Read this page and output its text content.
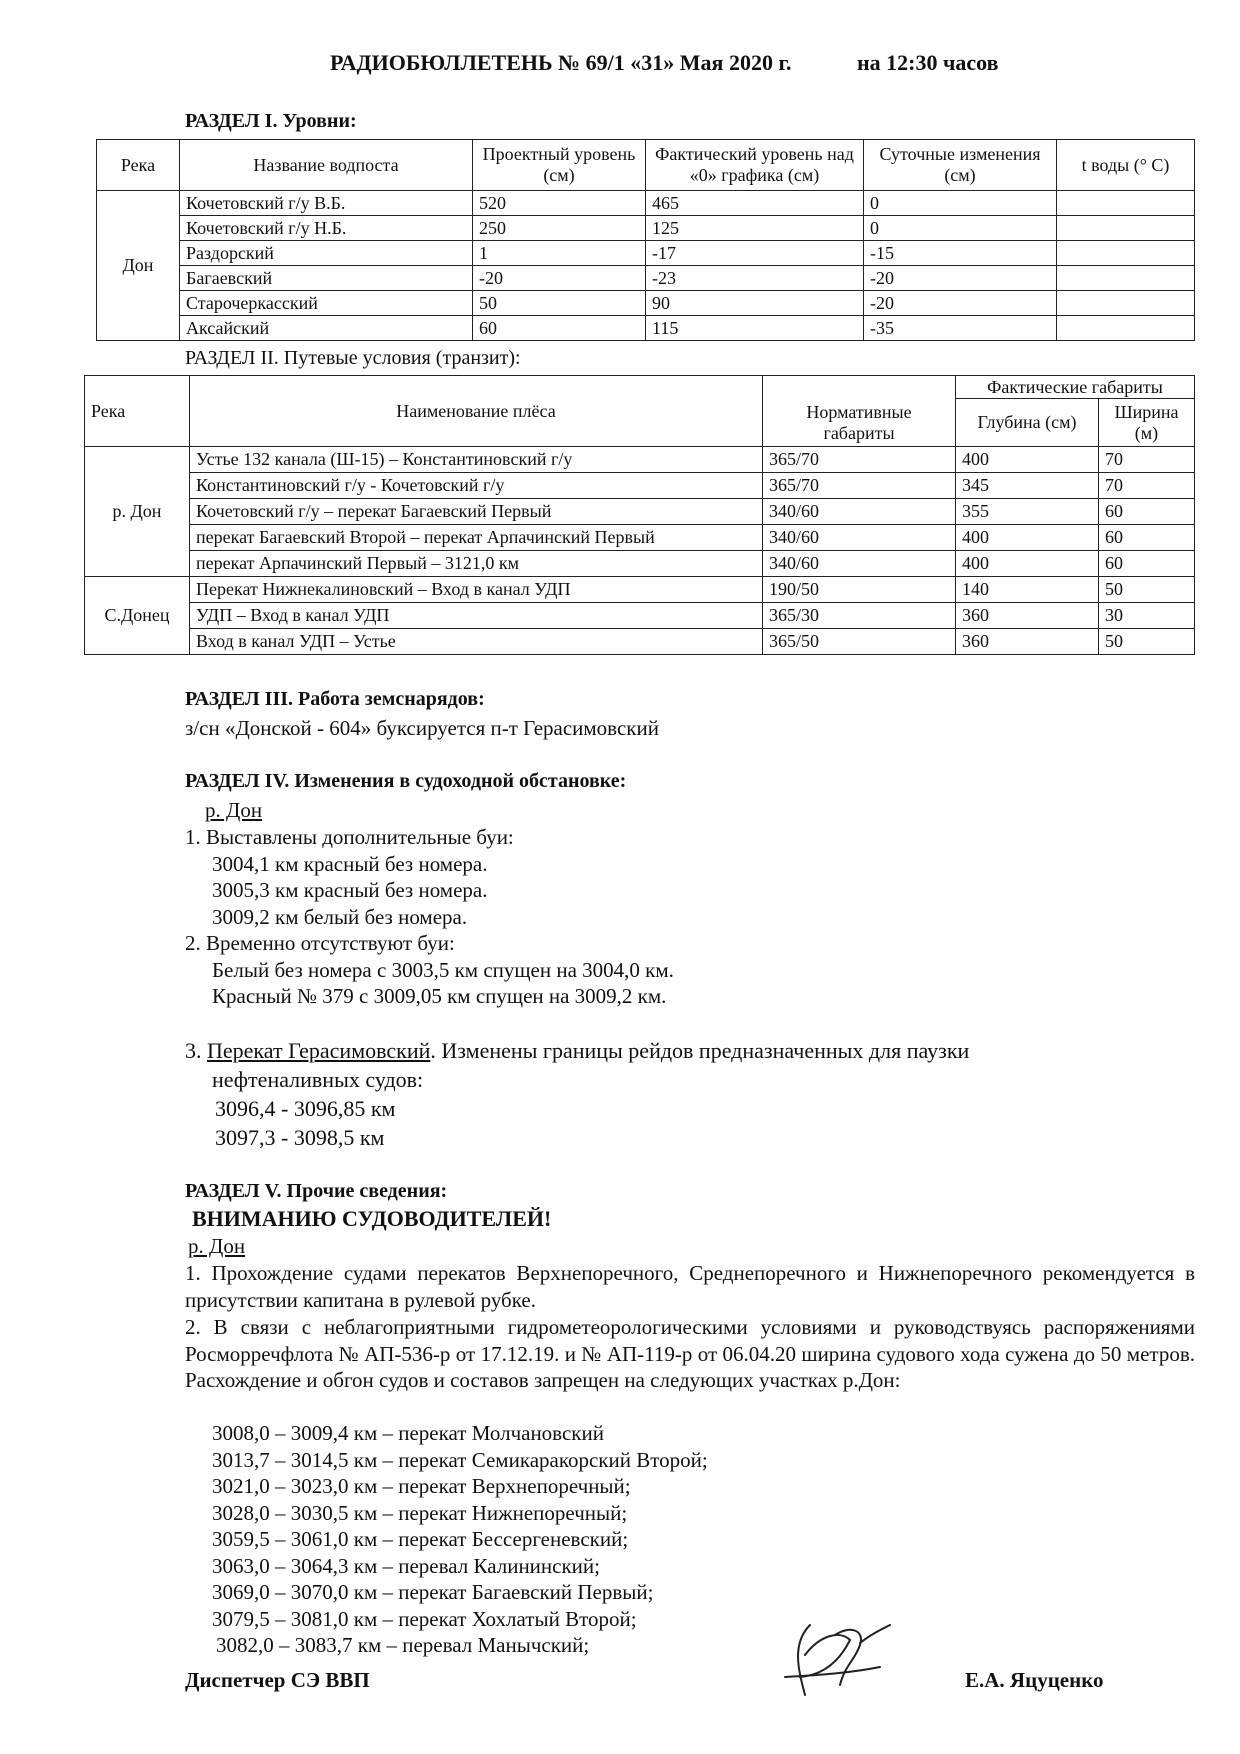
РАДИОБЮЛЛЕТЕНЬ № 69/1 «31» Мая 2020 г.	на 12:30 часов
РАЗДЕЛ I. Уровни:
Река	Название водпоста	Проектный уровень (см)	Фактический уровень над «0» графика (см)	Суточные изменения (см)	t воды (° С)
Дон	Кочетовский г/у В.Б.	520	465	0	
	Кочетовский г/у Н.Б.	250	125	0	
	Раздорский	1	-17	-15	
	Багаевский	-20	-23	-20	
	Старочеркасский	50	90	-20	
	Аксайский	60	115	-35	
РАЗДЕЛ II. Путевые условия (транзит):
Река	Наименование плёса	Нормативные габариты	Фактические габариты	
			Глубина (см)	Ширина (м)
р. Дон	Устье 132 канала (Ш-15) – Константиновский г/у	365/70	400	70
	Константиновский г/у - Кочетовский г/у	365/70	345	70
	Кочетовский г/у – перекат Багаевский Первый	340/60	355	60
	перекат Багаевский Второй – перекат Арпачинский Первый	340/60	400	60
	перекат Арпачинский Первый – 3121,0 км	340/60	400	60
С.Донец	Перекат Нижнекалиновский – Вход в канал УДП	190/50	140	50
	УДП – Вход в канал УДП	365/30	360	30
	Вход в канал УДП – Устье	365/50	360	50
РАЗДЕЛ III. Работа земснарядов:
з/сн «Донской - 604» буксируется п-т Герасимовский
РАЗДЕЛ IV. Изменения в судоходной обстановке:
р. Дон
1. Выставлены дополнительные буи:
3004,1 км красный без номера.
3005,3 км красный без номера.
3009,2 км белый без номера.
2. Временно отсутствуют буи:
Белый без номера с 3003,5 км спущен на 3004,0 км.
Красный № 379 с 3009,05 км спущен на 3009,2 км.
3. Перекат Герасимовский. Изменены границы рейдов предназначенных для паузки
нефтеналивных судов:
3096,4 - 3096,85 км
3097,3 - 3098,5 км
РАЗДЕЛ V. Прочие сведения:
ВНИМАНИЮ СУДОВОДИТЕЛЕЙ!
р. Дон
1. Прохождение судами перекатов Верхнепоречного, Среднепоречного и Нижнепоречного рекомендуется в присутствии капитана в рулевой рубке.
2. В связи с неблагоприятными гидрометеорологическими условиями и руководствуясь распоряжениями Росморречфлота № АП-536-р от 17.12.19. и № АП-119-р от 06.04.20 ширина судового хода сужена до 50 метров. Расхождение и обгон судов и составов запрещен на следующих участках р.Дон:
3008,0 – 3009,4 км – перекат Молчановский
3013,7 – 3014,5 км – перекат Семикаракорский Второй;
3021,0 – 3023,0 км – перекат Верхнепоречный;
3028,0 – 3030,5 км – перекат Нижнепоречный;
3059,5 – 3061,0 км – перекат Бессергеневский;
3063,0 – 3064,3 км – перевал Калининский;
3069,0 – 3070,0 км – перекат Багаевский Первый;
3079,5 – 3081,0 км – перекат Хохлатый Второй;
3082,0 – 3083,7 км – перевал Манычский;
Диспетчер СЭ ВВП	Е.А. Яцуценко
